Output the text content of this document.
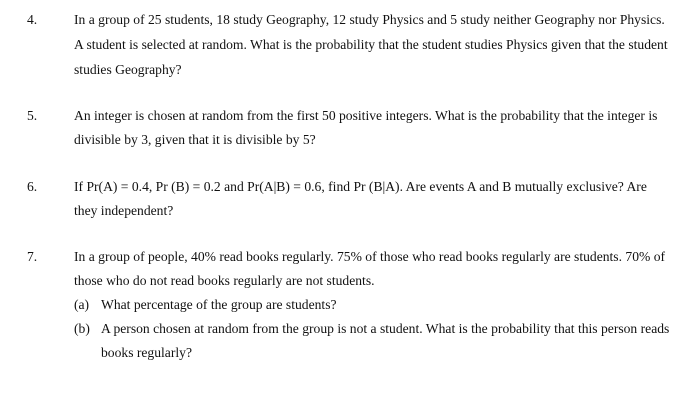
4.	In a group of 25 students, 18 study Geography, 12 study Physics and 5 study neither Geography nor Physics.
A student is selected at random. What is the probability that the student studies Physics given that the student
studies Geography?
5.	An integer is chosen at random from the first 50 positive integers. What is the probability that the integer is
divisible by 3, given that it is divisible by 5?
6.	If Pr(A) = 0.4, Pr (B) = 0.2 and Pr(A|B) = 0.6, find Pr (B|A). Are events A and B mutually exclusive? Are
they independent?
7.	In a group of people, 40% read books regularly. 75% of those who read books regularly are students. 70% of
those who do not read books regularly are not students.
(a) What percentage of the group are students?
(b) A person chosen at random from the group is not a student. What is the probability that this person reads
books regularly?
